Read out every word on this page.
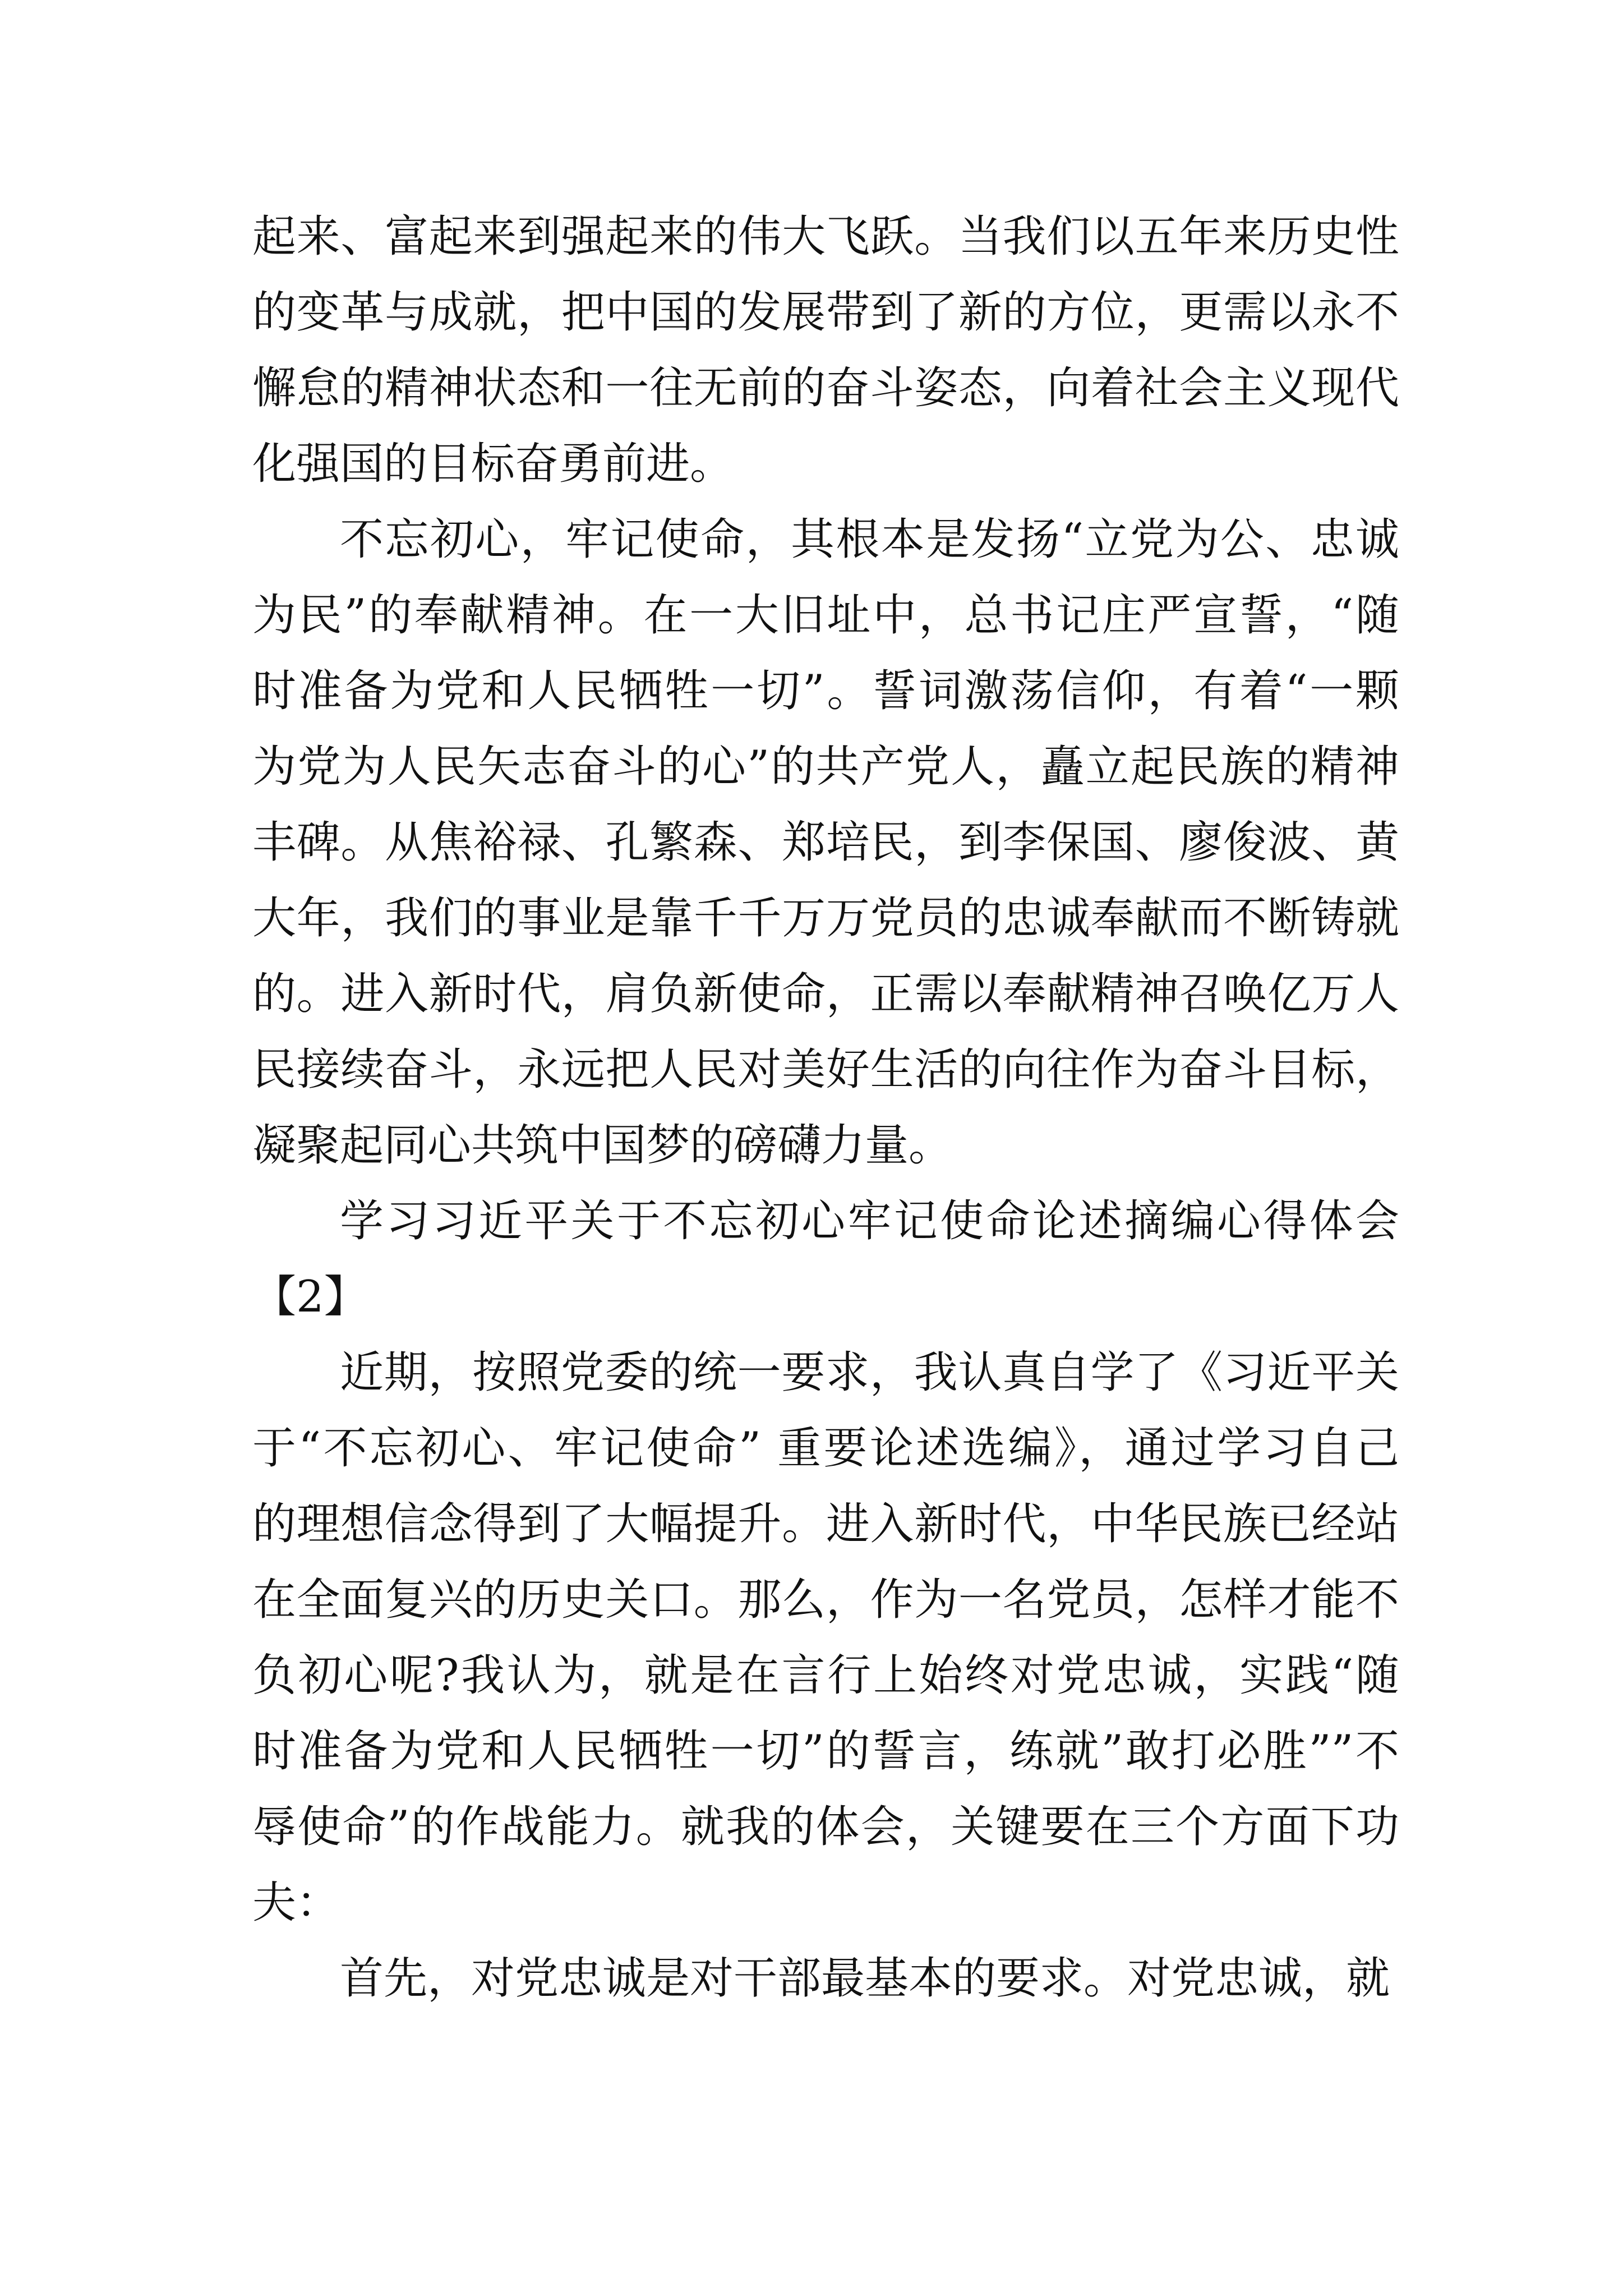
起来、富起来到强起来的伟大飞跃。当我们以五年来历史性
的变革与成就，把中国的发展带到了新的方位，更需以永不
懈怠的精神状态和一往无前的奋斗姿态，向着社会主义现代
化强国的目标奋勇前进。
不忘初心，牢记使命，其根本是发扬“立党为公、忠诚
为民”的奉献精神。在一大旧址中，总书记庄严宣誓，“随
时准备为党和人民牺牲一切”。誓词激荡信仰，有着“一颗
为党为人民矢志奋斗的心”的共产党人，矗立起民族的精神
丰碑。从焦裕禄、孔繁森、郑培民，到李保国、廖俊波、黄
大年，我们的事业是靠千千万万党员的忠诚奉献而不断铸就
的。进入新时代，肩负新使命，正需以奉献精神召唤亿万人
民接续奋斗，永远把人民对美好生活的向往作为奋斗目标，
凝聚起同心共筑中国梦的磅礴力量。
学习习近平关于不忘初心牢记使命论述摘编心得体会
【2】
近期，按照党委的统一要求，我认真自学了《习近平关
于“不忘初心、牢记使命” 重要论述选编》，通过学习自己
的理想信念得到了大幅提升。进入新时代，中华民族已经站
在全面复兴的历史关口。那么，作为一名党员，怎样才能不
负初心呢?我认为，就是在言行上始终对党忠诚，实践“随
时准备为党和人民牺牲一切”的誓言，练就”敢打必胜””不
辱使命”的作战能力。就我的体会，关键要在三个方面下功
夫：
首先，对党忠诚是对干部最基本的要求。对党忠诚，就
